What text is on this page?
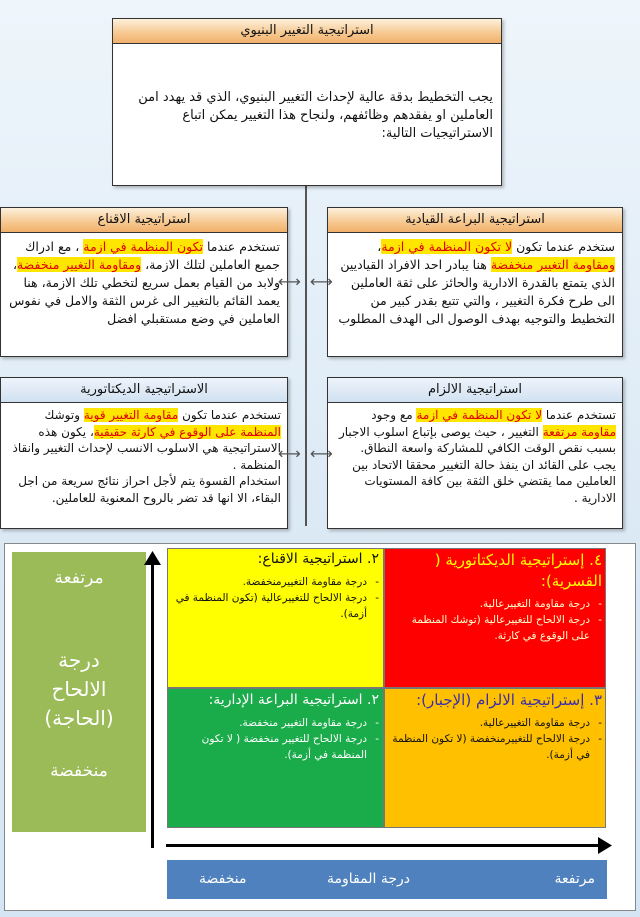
استراتيجية التغيير البنيوي
يجب التخطيط بدقة عالية لإحداث التغيير البنيوي، الذي قد يهدد امن العاملين او يفقدهم وظائفهم، ولنجاح هذا التغيير يمكن اتباع الاستراتيجيات التالية:
استراتيجية الاقناع
تستخدم عندما تكون المنظمة في ازمة ، مع ادراك جميع العاملين لتلك الازمة، ومقاومة التغيير منخفضة، ولابد من القيام بعمل سريع لتخطي تلك الازمة، هنا يعمد القائم بالتغيير الى غرس الثقة والامل في نفوس العاملين في وضع مستقبلي افضل
استراتيجية البراعة القيادية
ستخدم عندما تكون لا تكون المنظمة في ازمة، ومقاومة التغيير منخفضة هنا يبادر احد الافراد القياديين الذي يتمتع بالقدرة الادارية والحائز على ثقة العاملين الى طرح فكرة التغيير ، والتي تتبع بقدر كبير من التخطيط والتوجيه بهدف الوصول الى الهدف المطلوب
⟷ ⟷
الاستراتيجية الديكتاتورية

تستخدم عندما تكون مقاومة التغيير قوية وتوشك المنظمة على الوقوع في كارثة حقيقية، يكون هذه الاستراتيجية هي الاسلوب الانسب لإحداث التغيير وانقاذ المنظمة .

استخدام القسوة يتم لأجل احراز نتائج سريعة من اجل البقاء، الا انها قد تضر بالروح المعنوية للعاملين.

استراتيجية الالزام

تستخدم عندما لا تكون المنظمة في ازمة مع وجود مقاومة مرتفعة التغيير ، حيث يوصى بإتباع اسلوب الاجبار بسبب نقص الوقت الكافي للمشاركة واسعة النطاق.

يجب على القائد ان ينفذ حالة التغيير محققا الاتحاد بين العاملين مما يقتضي خلق الثقة بين كافة المستويات الادارية .

⟷ ⟷
مرتفعة
درجة
الالحاح
(الحاجة)
منخفضة
٢. استراتيجية الاقناع:
- درجة مقاومة التغييرمنخفضة.
- درجة الالحاح للتغييرعالية (تكون المنظمة في أزمة).
٤. إستراتيجية الديكتاتورية ( القسرية):
- درجة مقاومة التغييرعالية.
- درجة الالحاح للتغييرعالية (توشك المنظمة على الوقوع في كارثة.
٢. استراتيجية البراعة الإدارية:
- درجة مقاومة التغيير منخفضة.
- درجة الالحاح للتغيير منخفضة ( لا تكون المنظمة في أزمة).
٣. إستراتيجية الالزام (الإجبار):
- درجة مقاومة التغييرعالية.
- درجة الالحاح للتغييرمنخفضة (لا تكون المنظمة في أزمة).
منخفضة	درجة المقاومة	مرتفعة
